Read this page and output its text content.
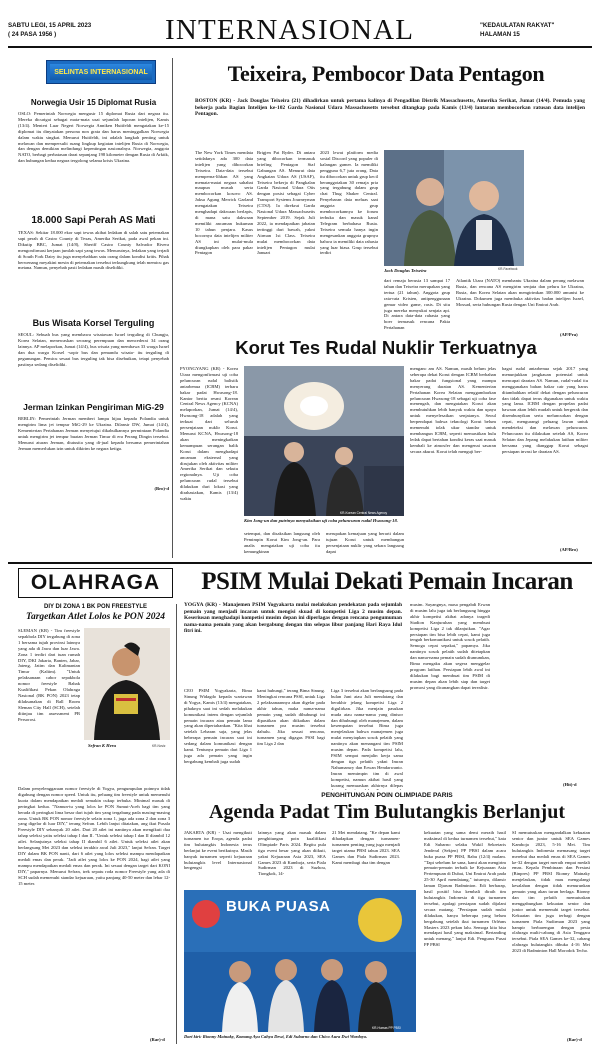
SABTU LEGI, 15 APRIL 2023
( 24 PASA 1956 )	INTERNASIONAL	"KEDAULATAN RAKYAT"
HALAMAN 15
SELINTAS INTERNASIONAL
Norwegia Usir 15 Diplomat Rusia
OSLO: Pemerintah Norwegia mengusir 15 diplomat Rusia dari negara itu. Mereka dicurigai sebagai mata-mata usai sejumlah laporan intelijen, Kamis (13/4). Menteri Luar Negeri Norwegia Anniken Huitfeldt mengatakan ke-15 diplomat itu dinyatakan persona non grata dan harus meninggalkan Norwegia dalam waktu singkat. Menurut Huitfeldt, ini adalah langkah penting untuk melawan dan mempersulit ruang lingkup kegiatan intelijen Rusia di Norwegia, dan dengan demikian melindungi kepentingan nasionalnya. Norwegia, anggota NATO, berbagi perbatasan darat sepanjang 198 kilometer dengan Rusia di Arktik, dan hubungan kedua negara tergolong selama krisis Ukraina.
18.000 Sapi Perah AS Mati
TEXAS: Sekitar 18.000 ekor sapi tewas akibat ledakan di salah satu peternakan sapi perah di Castro County di Texas, Amerika Serikat, pada awal pekan ini. Dikutip BBC, Jumat (14/8), Sheriff Castro County Salvador Rivera mengonfirmasi kerjaan jumlah sapi yang tewas. Menurutnya, ledakan yang terjadi di South Fork Dairy itu juga menyebabkan satu orang dalam kondisi kritis. Pihak berwenang meyakini mesin di peternakan tersebut terkungkung telah memicu gas metana. Namun, penyebab pasti ledakan masih diselidiki.
Bus Wisata Korsel Terguling
SEOUL: Sebuah bus yang membawa wisatawan Israel terguling di Chungju, Korea Selatan, menewaskan seorang perempuan dan mencederai 34 orang lainnya. AP melaporkan, Jumat (14/4), bus wisata yang membawa 33 warga Israel dan dua warga Korsel -sopir bus dan pemandu wisata- itu terguling di pegunungan. Pemicu sesaat bus terguling tak bisa disebutkan, tetapi penyebab pastinya sedang diselidiki.
Jerman Izinkan Pengiriman MiG-29
BERLIN: Pemerintah Jerman memberi lampu hijau kepada Polandia untuk mengirim lima jet tempur MiG-29 ke Ukraina. Dilansir DW, Jumat (14/4), Kementerian Pertahanan Jerman menyetujui dikabulkannya permintaan Polandia untuk mengirim jet tempur buatan Jerman Timur di era Perang Dingin tersebut. Menurut aturan Jerman, diutusita yang di-jual kepada bersama pemerintahan Jerman memerlukan izin untuk dikirim ke negara ketiga.
(Bro)-d
Teixeira, Pembocor Data Pentagon
BOSTON (KR) - Jack Douglas Teixeira (21) dihadirkan untuk pertama kalinya di Pengadilan Distrik Massachusetts, Amerika Serikat, Jumat (14/4). Pemuda yang bekerja pada Bagian Intelijen ke-102 Garda Nasional Udara Massachusetts tersebut ditangkap pada Kamis (13/4) lantaran membocorkan ratusan data intelijen Pentagon.
The New York Times mendata setidaknya ada 300 data intelijen yang dibocorkan Teixeira. Data-data tersebut memperna-lihkan AS yang memata-matai negara sahabat maupun musuh serta membocorkan kosovo AS. Jaksa Agung Merrick Garland mengatakan Teixeira menghadapi dakwaan berlapis, di mana satu dakwaan memiliki ancaman hukuman 10 tahun penjara. Kasus bocornya data intelijen militer AS ini mulai-mula diungkapkan oleh para pakar Pentagon
Brigjen Pat Ryder. Di antara yang dibocorkan termasuk briefing Pentagon Staf Gabungan AS. Menurut data Angkatan Udara AS (USAF), Teixeira bekerja di Pangkalan Garda Nasional Udara Otis dengan posisi sebagai Cyber Transport Systems Journeyman (CTSJ). Ia direkrut Garda Nasional Udara Massachusetts September 2019. Sejak Juli 2022, ia mendapatkan jabatan tertinggi dari bawah, yakni Airman 1st Class. Teixeira mulai membocorkan data intelijen Pentagon mulai Januari
2023 lewat platform media sosial Discord yang populer di kalangan gamer. Ia memiliki pengguna 6,7 juta orang. Data itu dibocorkan untuk grup kecil beranggotakan 30 remaja pria yang tergabung dalam grup chat Thug Shaker Central. Penyebaran data meluas saat anggota grup membocorkannya ke forum terbuka dan masuk kanal Telegram berbahasa Rusia. Teixeira semula hanya ingin mengesankan anggota grupnya bahwa ia memiliki data rahasia yang luar biasa. Grup tersebut terdiri
KR-Facebook
Jack Douglas Teixeira
dari remaja berusia 13 sampai 17 tahun dan Teixeira merupakan yang tertua (21 tahun). Anggota grup rata-rata Kristen, antipenggunaan gemar video game, rasis. Di situ juga mereka menyukai senjata api. Di antara data-data rahasia yang boer termasuk rencana Pakta Pertahanan
Atlantik Utara (NATO) membantu Ukraina dalam perang melawan Rusia, dan rencana AS mengirim senjata dan peluru ke Ukraina, Rusia, dan Korea Selatan akan mengirimkan 300.000 amunisi ke Ukraina. Dokumen juga membuka aktivitas badan intelijen Israel, Mossad, serta hubungan Rusia dengan Uni Emirat Arab.
(AP/Pra)
Korut Tes Rudal Nuklir Terkuatnya
PYONGYANG (KR) - Korea Utara mengonfirmasi uji coba peluncuran rudal balistik antarbenua (ICBM) terbaru bakar padat Hwasong-18. Kantor berita resmi Korean Central News Agency (KCNA) melaporkan, Jumat (14/4), Hwasong-18 adalah yang terkuat dari seluruh persenjataan nuklir Korut. Menurut KCNA, Hwasong-18 akan meningkatkan kemampuan serangan balik Korut dalam menghadapi ancaman eksternal yang dirujukan oleh aktivitas militer Amerika Serikat dan sekutu regionalnya. Uji coba peluncuran rudal tersebut dilakukan duri lokasi yang dirahasiakan, Kamis (13/4) waktu
KR-Korean Central News Agency
Kim Jong-un dan putrinya menyaksikan uji coba peluncuran rudal Hwasong-18.
setempat, dan disaksikan langsung oleh Pemimpin Korut Kim Jong-un. Para analis mengatakan uji coba itu kemungkinan
merupakan kemajuan yang berarti dalam tujuan Korut untuk membangun persenjataan nuklir yang sekara langsung dapat
menganc am AS. Namun, masih belum jelas seberapa dekat Korut dengan ICBM berbahan bakar padat fungsional yang mampu menyerang daratan AS. Kementerian Pertahanan Korea Selatan menggambarkan peluncuran Hwasong-18 sebagai uji coba fase menengah, dan mengatakan Korut akan membutuhkan lebih banyak waktu dan upaya untuk menyelesaikan senjatanya. Seoul berpendapat bahwa teknologi Korut belum memenuhi tolak ukur standar untuk membangun ICBM, seperti memastikan hulu ledak dapat bertahan kondisi keras saat masuk kembali ke atmosfer dan mengenai sasaran secara akurat. Korut telah menguji ber-
bagai rudal antarbenua sejak 2017 yang menunjukkan jangkauan potensial untuk mencapai daratan AS. Namun, rudal-rudal itu menggunakan bahan bakar cair yang harus ditambahkan relatif dekat dengan peluncuran dan tidak dapat terus digunakan untuk waktu yang lama. ICBM dengan propelan padat bawaan akan lebih mudah untuk bergerak dan disembunyikan serta meluncurkan dengan cepat, mengurangi peluang lawan untuk mendeteksi dan melawan peluncuran. Peluncuran itu dilakukan setelah AS, Korea Selatan dan Jepang melakukan latihan militer bersama yang dianggap Korut sebagai persiapan invasi ke daratan AS.
(AP/Bro)
OLAHRAGA	PSIM Mulai Dekati Pemain Incaran
DIY DI ZONA 1 BK PON FREESTYLE
Targetkan Atlet Lolos ke PON 2024
SLEMAN (KR) - Tim freestyle sepakbola DIY tergabung di zona 1 bersama tujuh provinsi lainnya yang ada di Jawa dan luar Jawa. Zona 1 terdiri dari tuan rumah DIY, DKI Jakarta, Banten, Jabar, Jateng, Jatim dan Kalimantan Timur (Kaltim). "Untuk pelaksanaan cabor sepakbola nomor freestyle Babak Kualifikasi Pekan Olahraga Nasional (BK PON) 2023 tetap dilaksanakan di Ball Room Sleman City Hall (SCH), setelah ditinjau tim assessment PB Persorosi.
Sefran K Heru	KR-Noviz
Dalam penyelenggaraan nomor freestyle di Yogya, pengumpulan poinnya tidak digabung dengan nomor speed. Untuk itu, peluang tim freestyle untuk memenuhi kuota dalam mendapatkan medali semakin cukup terbuka. Minimal masuk di peringkat kedua. "Namun-tu yang lolos ke PON Sumut-Aceh bagi tim yang berada di peringkat lima besar dari tujuh tim yang tergabung pada masing-masing zona. Untuk BK PON nomor freestyle selain zona 1, juga ada zona 2 dan zona 3 yang digelar di luar DIY," terang Sefran. Lebih lanjut ditatakan, ang ikut Pusala Freestyle DIY sebanyak 20 atlet. Dari 20 atlet ini nantinya akan mengikuti dua tahap seleksi yaitu seleksi tahap I dan II. "Untuk seleksi tahap I dan II diambil 12 atlet. Selanjutnya seleksi tahap II diambil 6 atlet. Untuk seleksi atlet akan berlangsung Mei 2023 dan seleksi terakhir awal Juli 2023," lanjut Sefran. Target DIY dalam BK PON nanti, dari 6 atlet yang lolos seleksi mampu mendapatkan medali emas dan perak. "Jadi atlet yang lolos ke PON 2024, bagi atlet yang mampu mendapatkan medali emas dan perak. Ini sesuai dengan target dari KONI DIY," paparnya. Menurut Sefran, trek sepatu roda nomor Freestyle yang ada di SCH sudah memenuhi standar kejuaraan, yaitu panjang 40-50 meter dan lebar 12-15 meter.
(Rar)-d
YOGYA (KR) - Manajemen PSIM Yogyakarta mulai melakukan pendekatan pada sejumlah pemain yang menjadi incaran untuk mengisi skuad di kompetisi Liga 2 musim depan. Keseriusan menghadapi kompetisi musim depan ini diperlagas dengan rencana pengumuman nama-nama pemain yang akan bergabung dengan tim selepas libur panjang Hari Raya Idul fitri ini.
CEO PSIM Yogyakarta, Bima Sinung Widagdo kepada wartawan di Yogya, Kamis (13/4) mengatakan, pihaknya saat ini sedah melakukan komunikasi intens dengan sejumlah pemain incaran atau pemain lama yang akan dipertahankan. "Kita lihat setelah Lebaran saja, yang jelas beberapa pemain incaran saat ini sedang dalam komunikasi dengan kami. Tentunya pemain dari Liga 1 juga ada pemain yang ingin bergabung kembali juga sudah
kami hubungi," terang Bima Sinung. Meningkat rencana PSSI, untuk Liga 2 pelaksanaannya akan digelar pada akhir tahun, maka nama-nama pemain yang sudah dihubungi ini dipastikan akan diikatkan dalam turnamen pra musim tersebut dahulu. Jika sesuai rencana, turnamen yang digagas PSSI bagi tim Liga 2 dan
Liga 3 tersebut akan berlangsung pada bulan Juni atau Juli mendatang dan berakhir jelang kompetisi Liga 2 digulirkan. Jika menjain pasukan muda atau nama-nama yang dinisor dan dihubungi oleh manajemen, dalam kesempatan tersebut Bima juga menjelaskan bahwa manajemen juga mulai menyiapkan sosok pelatih yang nantinya akan menangani tim PSIM musim depan. Pada kompetisi lalu, PSIM sempat menjalin kerja sama dengan tiga pelatih yakni Imran Nahumarury dan Erwan Hendarwanto. Imran memimpin tim di awal kompetisi, namun akibat hasil yang kurang memuaskan akhirnya dilepas
musim. Sayangnya, masa pengabdi Erwan di musim lalu juga tak berlangsung hingga akhir kompetisi akibat adanya tragedi Stadion Kanjuruhan yang membuat kompetisi Liga 2 tak dilanjutkan. "Agar persiapan tim bisa lebih cepat, kami juga tengah berkomunikasi untuk sosok pelatih. Semoga cepat sepakat," papamya. Jika nantinya sosok pelatih sudah ditetapkan dan nama-nama pemain sudah diumumkan, Bima mengaku akan segera menggelar program latihan. Persiapan lebih awal ini dilakukan bagi membuat tim PSIM di musim depan akan lebih siap dan target promosi yang dicanangkan dapat terealisir.
(Hit)-d
PENGHITUNGAN POIN OLIMPIADE PARIS
Agenda Padat Tim Bulutangkis Berlanjut
JAKARTA (KR) - Usai mengikuti turnamen tur Eropa, agenda padat tim bulutangkis Indonesia terus berlanjut ke event berikutnya. Masih banyak turnamen seperti kejuaraan bulutangkis level Internasional bergengsi
lainnya yang akan masuk dalam penghitungan poin kualifikasi Olimpiade Paris 2024. Begitu pula tiga event besar yang akan diikuti, yakni Kejuaraan Asia 2023, SEA Games 2023 di Kamboja, serta Piala Sudirman 2023 di Suzhou, Tiongkok, 14-
21 Mei mendatang. "Ke depan kami dihadapkan dengan turnamen-turnamen penting yang juga menjadi target utama PBSI tahun 2023. SEA Games dan Piala Sudirman 2023. Kami membagi dua tim dengan
BUKA PUASA
KR-Humas PP PBSI
Dari kiri: Rionny Mainaky, Komang Ayu Cahya Dewi, Edi Subarno dan Chico Aura Dwi Wardoyo.
kekuatan yang sama demi meraih hasil maksimal di kedua turnamen tersebut," kata Edi Subarno selaku Wakil Sekretaris Jenderal (Sekjen) PP PBSI dalam acara buka puasa PP PBSI, Rabu (12/4) malam. "Tapi sebelum ke sana, kami akan mengirim pemain-pemain terbaik ke Kejuaraan Asia Pertempuan di Dubai, Uni Emirat Arab pada 25-30 April mendatang," tuturnya, dilansir laman Djarum Badminton. Edi berharap, hasil positif bisa kembali diraih tim bulutangkis Indonesia di tiga turnamen tersebut, apalagi persiapan sudah dijalani secara matang. "Persiapan sudah mulai dilakukan, hanya beberapa yang belum bergabung setelah ikut turnamen Orléans Masters 2023 pekan lalu. Semoga kita bisa mendapat hasil yang maksimal. Bertanding untuk menang," lanjut Edi. Pengurus Pusat PP PBSI
SI memutuskan mengandalkan kekuatan senior dan junior untuk SEA Games Kamboja 2023, 5-16 Mei. Tim bulutangkis Indonesia memasang target merebut dua medali emas di SEA Games ke-32 dengan target meraih empat medali emas. Kepala Pembinaan dan Prestasi (Binpres) PP PBSI Rionny Mainaky menjelaskan, tidak mau mengulangi kesalahan dengan tidak menurunkan pemain yang akan turun berlaga. Rionny dan tim pelatih memutuskan menggabungkan kekuatan senior dan junior untuk memenuhi target tersebut. Kekuatan tim juga terbagi dengan turnamen Piala Sudirman 2023 yang hampir berbarengan dengan pesta olahraga multi-cabang di Asia Tenggara tersebut. Piala SEA Games ke-32, cabang olahraga bulutangkis dibuka 4-16 Mei 2023 di Badminton Hall Morodok Techo.
(Rar)-d
